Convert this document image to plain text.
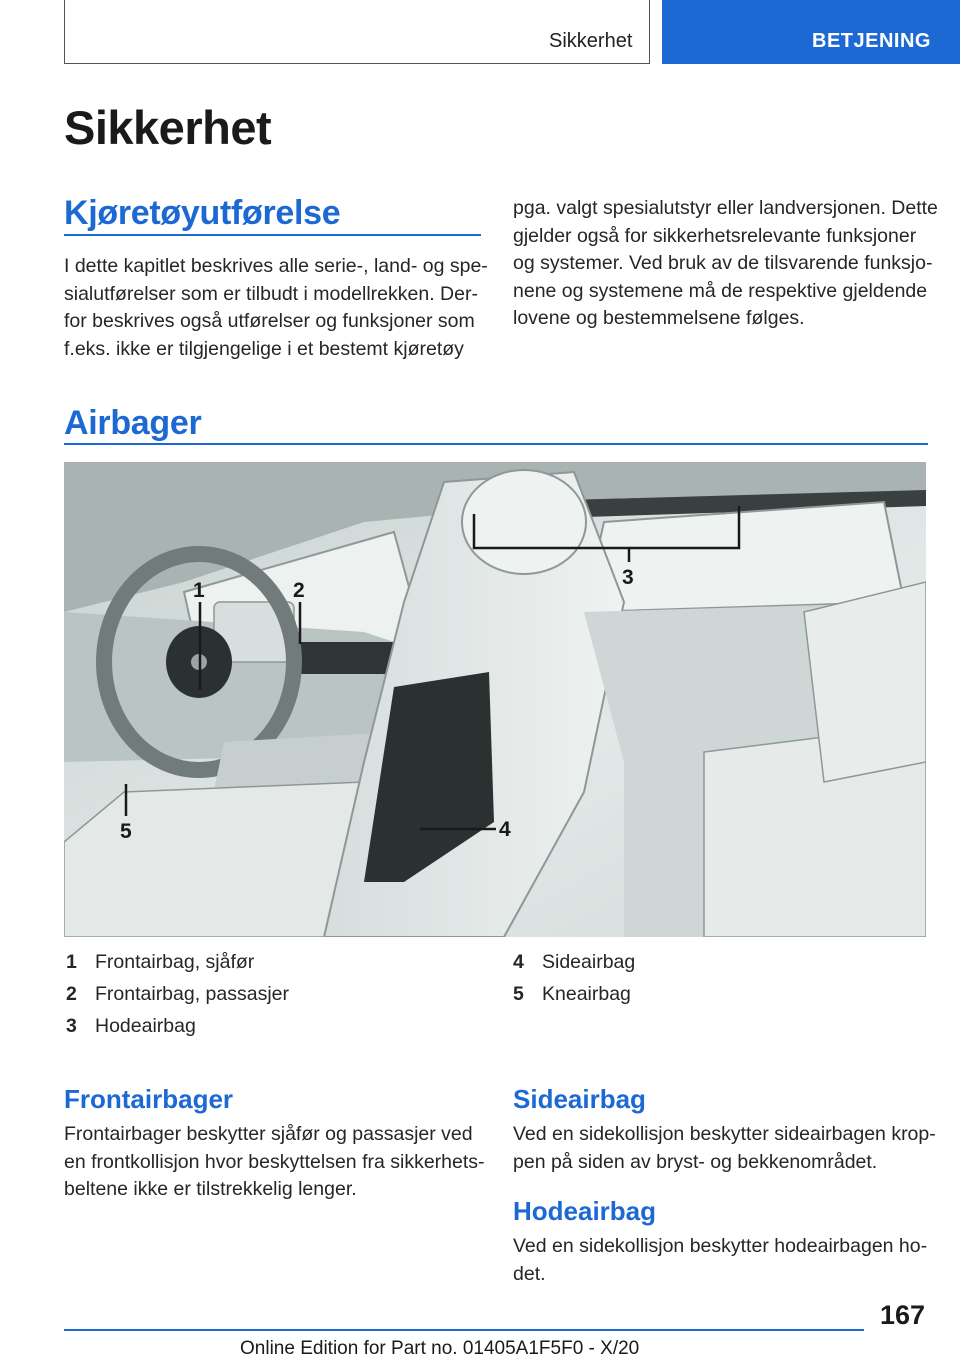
Sikkerhet	BETJENING
Sikkerhet
Kjøretøyutførelse
I dette kapitlet beskrives alle serie-, land- og spe-
sialutførelser som er tilbudt i modellrekken. Der-
for beskrives også utførelser og funksjoner som
f.eks. ikke er tilgjengelige i et bestemt kjøretøy
pga. valgt spesialutstyr eller landversjonen. Dette
gjelder også for sikkerhetsrelevante funksjoner
og systemer. Ved bruk av de tilsvarende funksjo-
nene og systemene må de respektive gjeldende
lovene og bestemmelsene følges.
Airbager
1	2
3
4
5
1 Frontairbag, sjåfør
2 Frontairbag, passasjer
3 Hodeairbag
4 Sideairbag
5 Kneairbag
Frontairbager
Frontairbager beskytter sjåfør og passasjer ved
en frontkollisjon hvor beskyttelsen fra sikkerhets-
beltene ikke er tilstrekkelig lenger.
Sideairbag
Ved en sidekollisjon beskytter sideairbagen krop-
pen på siden av bryst- og bekkenområdet.
Hodeairbag
Ved en sidekollisjon beskytter hodeairbagen ho-
det.
167
Online Edition for Part no. 01405A1F5F0 - X/20
